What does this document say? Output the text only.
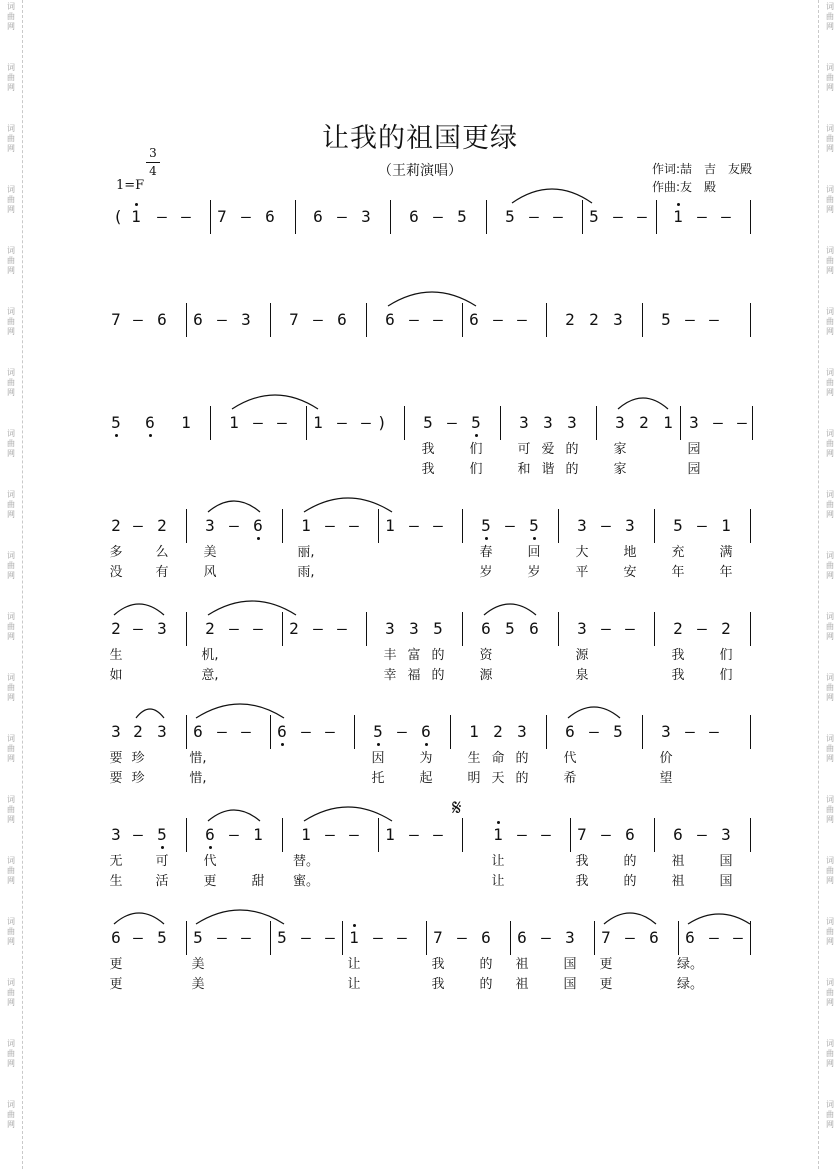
词
曲
网
词
曲
网
词
曲
网
词
曲
网
词
曲
网
词
曲
网
词
曲
网
词
曲
网
词
曲
网
词
曲
网
词
曲
网
词
曲
网
词
曲
网
词
曲
网
词
曲
网
词
曲
网
词
曲
网
词
曲
网
词
曲
网
词
曲
网
词
曲
网
词
曲
网
词
曲
网
词
曲
网
词
曲
网
词
曲
网
词
曲
网
词
曲
网
词
曲
网
词
曲
网
词
曲
网
词
曲
网
词
曲
网
词
曲
网
词
曲
网
词
曲
网
词
曲
网
词
曲
网
让我的祖国更绿
（王莉演唱）
3
4
1=F
作词:喆　吉　友殿
作曲:友　殿
𝄋
( 1 – – 7 – 6 6 – 3 6 – 5 5 – – 5 – – 1 – –
7 – 6 6 – 3 7 – 6 6 – – 6 – – 2 2 3 5 – –
5 6 1 1 – – 1 – – ) 5 – 5 3 3 3 3 2 1 3 – –
2 – 2 3 – 6 1 – – 1 – – 5 – 5 3 – 3 5 – 1
2 – 3 2 – – 2 – – 3 3 5 6 5 6 3 – – 2 – 2
3 2 3 6 – – 6 – – 5 – 6 1 2 3 6 – 5 3 – –
3 – 5 6 – 1 1 – – 1 – –	1 – – 7 – 6 6 – 3
6 – 5 5 – – 5 – – 1 – – 7 – 6 6 – 3 7 – 6 6 – –
我	们	可 爱 的	家	园
我	们	和 谐 的	家	园
多	么	美	丽,	春	回	大	地	充	满
没	有	风	雨,	岁	岁	平	安	年	年
生	机,	丰 富 的	资	源	我	们
如	意,	幸 福 的	源	泉	我	们
要 珍	惜,	因	为	生 命 的	代	价
要 珍	惜,	托	起	明 天 的	希	望
无	可	代	替。	让	我	的	祖	国
生	活	更	甜	蜜。	让	我	的	祖	国
更	美	让	我	的	祖	国	更	绿。
更	美	让	我	的	祖	国	更	绿。
